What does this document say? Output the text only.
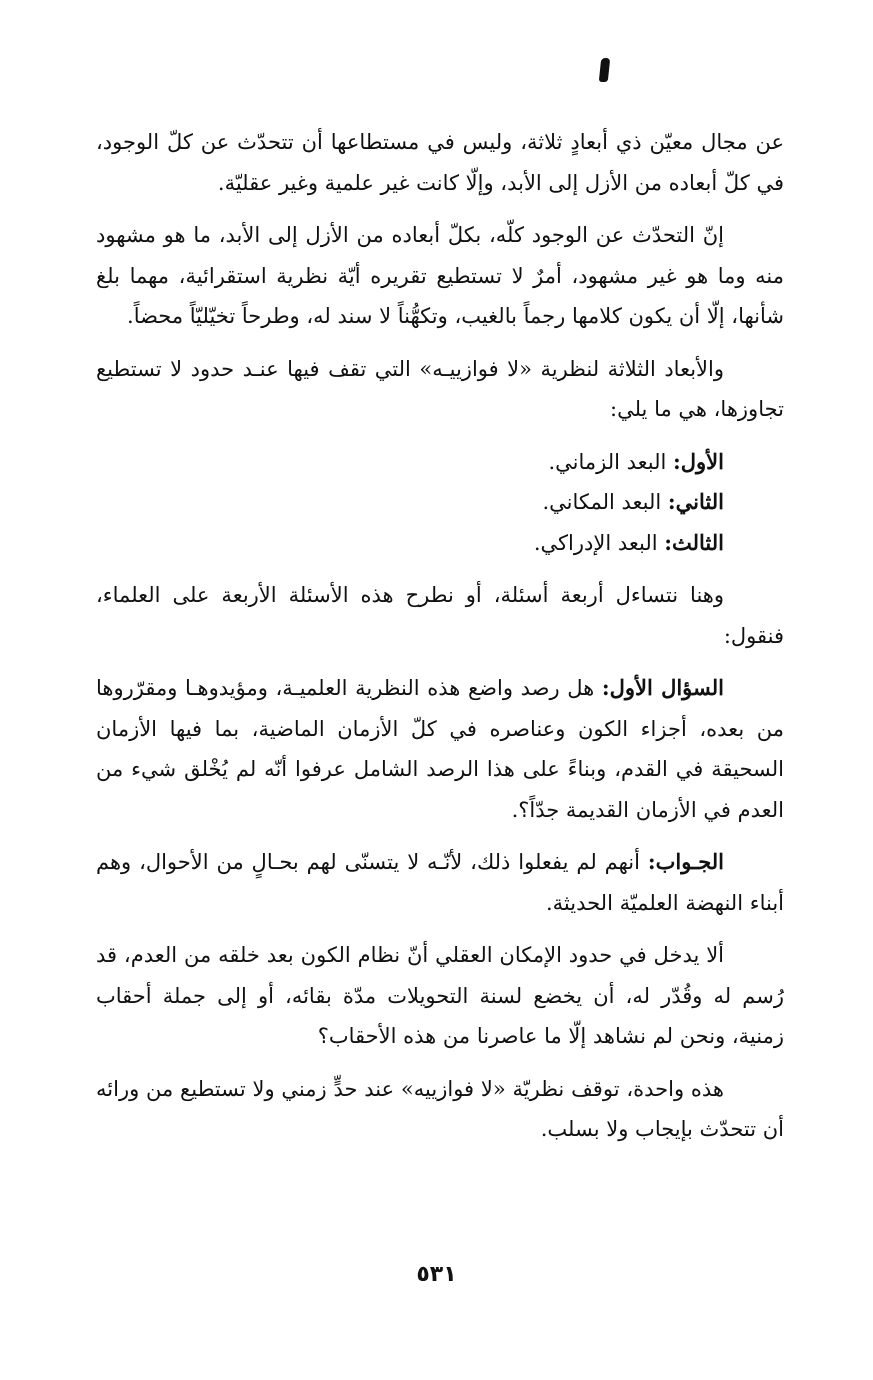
عن مجال معيّن ذي أبعادٍ ثلاثة، وليس في مستطاعها أن تتحدّث عن كلّ الوجود، في كلّ أبعاده من الأزل إلى الأبد، وإلّا كانت غير علمية وغير عقليّة.

إنّ التحدّث عن الوجود كلّه، بكلّ أبعاده من الأزل إلى الأبد، ما هو مشهود منه وما هو غير مشهود، أمرٌ لا تستطيع تقريره أيّة نظرية استقرائية، مهما بلغ شأنها، إلّا أن يكون كلامها رجماً بالغيب، وتكهُّناً لا سند له، وطرحاً تخيّليّاً محضاً.

والأبعاد الثلاثة لنظرية «لا فوازييـه» التي تقف فيها عنـد حدود لا تستطيع تجاوزها، هي ما يلي:

الأول: البعد الزماني.
الثاني: البعد المكاني.
الثالث: البعد الإدراكي.

وهنا نتساءل أربعة أسئلة، أو نطرح هذه الأسئلة الأربعة على العلماء، فنقول:

السؤال الأول: هل رصد واضع هذه النظرية العلميـة، ومؤيدوهـا ومقرّروها من بعده، أجزاء الكون وعناصره في كلّ الأزمان الماضية، بما فيها الأزمان السحيقة في القدم، وبناءً على هذا الرصد الشامل عرفوا أنّه لم يُخْلق شيء من العدم في الأزمان القديمة جدّاً؟.

الجـواب: أنهم لم يفعلوا ذلك، لأنّـه لا يتسنّى لهم بحـالٍ من الأحوال، وهم أبناء النهضة العلميّة الحديثة.

ألا يدخل في حدود الإمكان العقلي أنّ نظام الكون بعد خلقه من العدم، قد رُسم له وقُدّر له، أن يخضع لسنة التحويلات مدّة بقائه، أو إلى جملة أحقاب زمنية، ونحن لم نشاهد إلّا ما عاصرنا من هذه الأحقاب؟

هذه واحدة، توقف نظريّة «لا فوازييه» عند حدٍّ زمني ولا تستطيع من ورائه أن تتحدّث بإيجاب ولا بسلب.

٥٣١
